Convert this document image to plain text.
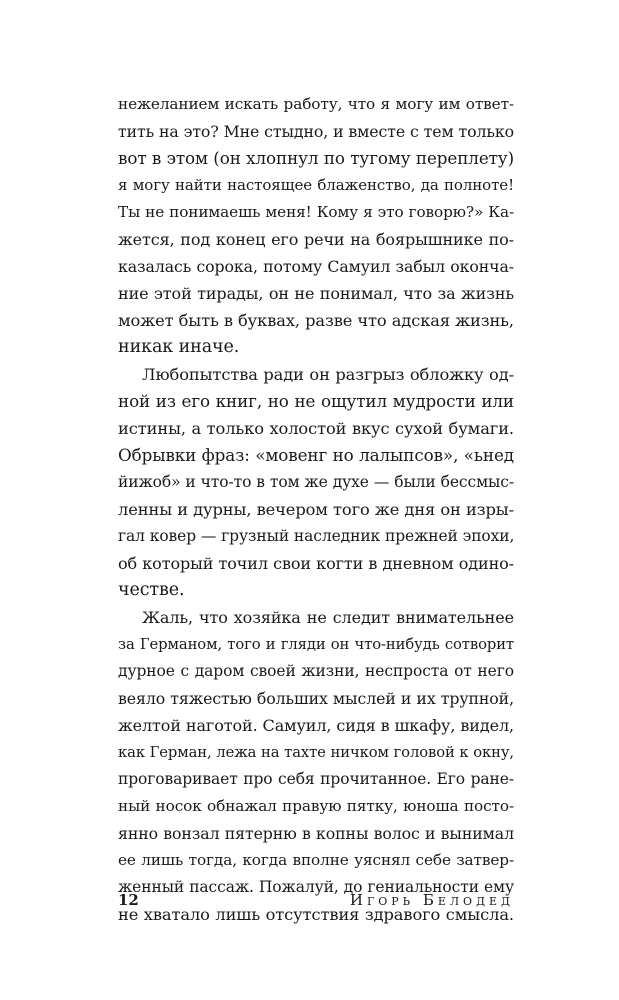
нежеланием искать работу, что я могу им ответ-
тить на это? Мне стыдно, и вместе с тем только
вот в этом (он хлопнул по тугому переплету)
я могу найти настоящее блаженство, да полноте!
Ты не понимаешь меня! Кому я это говорю?» Ка-
жется, под конец его речи на боярышнике по-
казалась сорока, потому Самуил забыл оконча-
ние этой тирады, он не понимал, что за жизнь
может быть в буквах, разве что адская жизнь,
никак иначе.
Любопытства ради он разгрыз обложку од-
ной из его книг, но не ощутил мудрости или
истины, а только холостой вкус сухой бумаги.
Обрывки фраз: «мовенг но лалыпсов», «ьнед
йижоб» и что-то в том же духе — были бессмыс-
ленны и дурны, вечером того же дня он изры-
гал ковер — грузный наследник прежней эпохи,
об который точил свои когти в дневном одино-
честве.
Жаль, что хозяйка не следит внимательнее
за Германом, того и гляди он что-нибудь сотворит
дурное с даром своей жизни, неспроста от него
веяло тяжестью больших мыслей и их трупной,
желтой наготой. Самуил, сидя в шкафу, видел,
как Герман, лежа на тахте ничком головой к окну,
проговаривает про себя прочитанное. Его ране-
ный носок обнажал правую пятку, юноша посто-
янно вонзал пятерню в копны волос и вынимал
ее лишь тогда, когда вполне уяснял себе затвер-
женный пассаж. Пожалуй, до гениальности ему
не хватало лишь отсутствия здравого смысла.
12	Игорь Белодед
